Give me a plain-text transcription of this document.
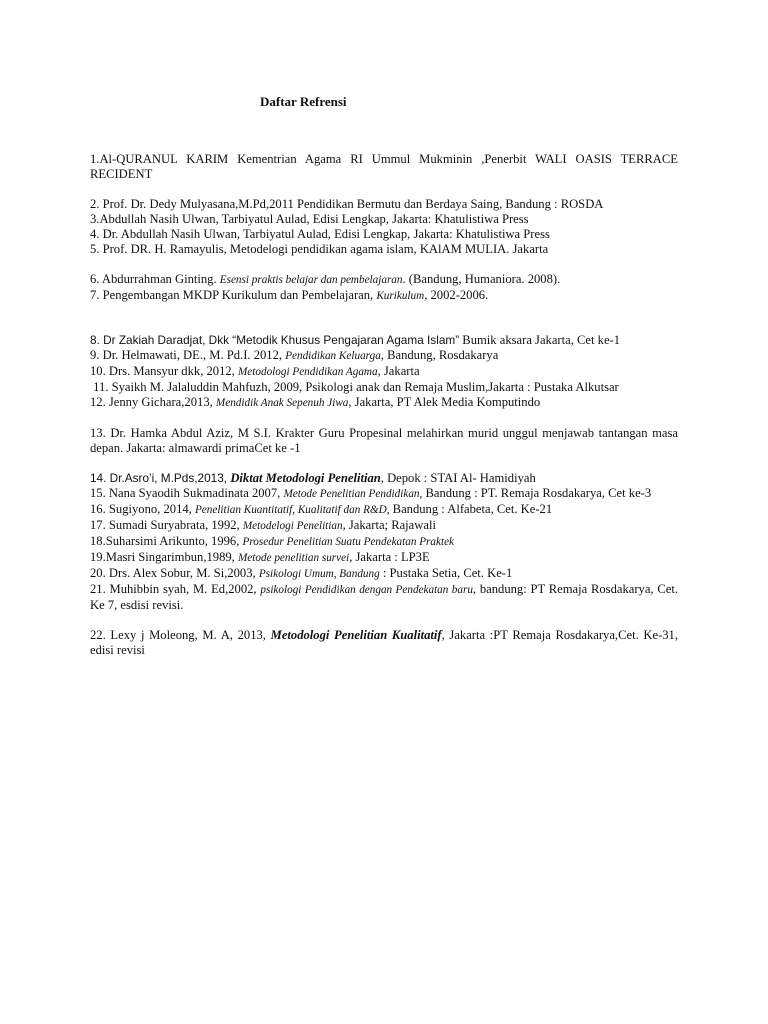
Daftar Refrensi

1.Al-QURANUL KARIM Kementrian Agama RI Ummul Mukminin ,Penerbit WALI OASIS TERRACE RECIDENT

2. Prof. Dr. Dedy Mulyasana,M.Pd,2011 Pendidikan Bermutu dan Berdaya Saing, Bandung : ROSDA

3.Abdullah Nasih Ulwan, Tarbiyatul Aulad, Edisi Lengkap, Jakarta: Khatulistiwa Press

4. Dr. Abdullah Nasih Ulwan, Tarbiyatul Aulad, Edisi Lengkap, Jakarta: Khatulistiwa Press

5. Prof. DR. H. Ramayulis, Metodelogi pendidikan agama islam, KAlAM MULIA. Jakarta

6. Abdurrahman Ginting. Esensi praktis belajar dan pembelajaran. (Bandung, Humaniora. 2008).

7. Pengembangan MKDP Kurikulum dan Pembelajaran, Kurikulum, 2002-2006.

8. Dr Zakiah Daradjat, Dkk “Metodik Khusus Pengajaran Agama Islam” Bumik aksara Jakarta, Cet ke-1

9. Dr. Helmawati, DE., M. Pd.I. 2012, Pendidikan Keluarga, Bandung, Rosdakarya

10. Drs. Mansyur dkk, 2012, Metodologi Pendidikan Agama, Jakarta

11. Syaikh M. Jalaluddin Mahfuzh, 2009, Psikologi anak dan Remaja Muslim,Jakarta : Pustaka Alkutsar

12. Jenny Gichara,2013, Mendidik Anak Sepenuh Jiwa, Jakarta, PT Alek Media Komputindo

13. Dr. Hamka Abdul Aziz, M S.I. Krakter Guru Propesinal melahirkan murid unggul menjawab tantangan masa depan. Jakarta: almawardi primaCet ke -1

14. Dr.Asro’i, M.Pds,2013, Diktat Metodologi Penelitian, Depok : STAI Al- Hamidiyah

15. Nana Syaodih Sukmadinata 2007, Metode Penelitian Pendidikan, Bandung : PT. Remaja Rosdakarya, Cet ke-3

16. Sugiyono, 2014, Penelitian Kuantitatif, Kualitatif dan R&D, Bandung : Alfabeta, Cet. Ke-21

17. Sumadi Suryabrata, 1992, Metodelogi Penelitian, Jakarta; Rajawali

18.Suharsimi Arikunto, 1996, Prosedur Penelitian Suatu Pendekatan Praktek

19.Masri Singarimbun,1989, Metode penelitian survei, Jakarta : LP3E

20. Drs. Alex Sobur, M. Si,2003, Psikologi Umum, Bandung : Pustaka Setia, Cet. Ke-1

21. Muhibbin syah, M. Ed,2002, psikologi Pendidikan dengan Pendekatan baru, bandung: PT Remaja Rosdakarya, Cet. Ke 7, esdisi revisi.

22. Lexy j Moleong, M. A, 2013, Metodologi Penelitian Kualitatif, Jakarta :PT Remaja Rosdakarya,Cet. Ke-31, edisi revisi
